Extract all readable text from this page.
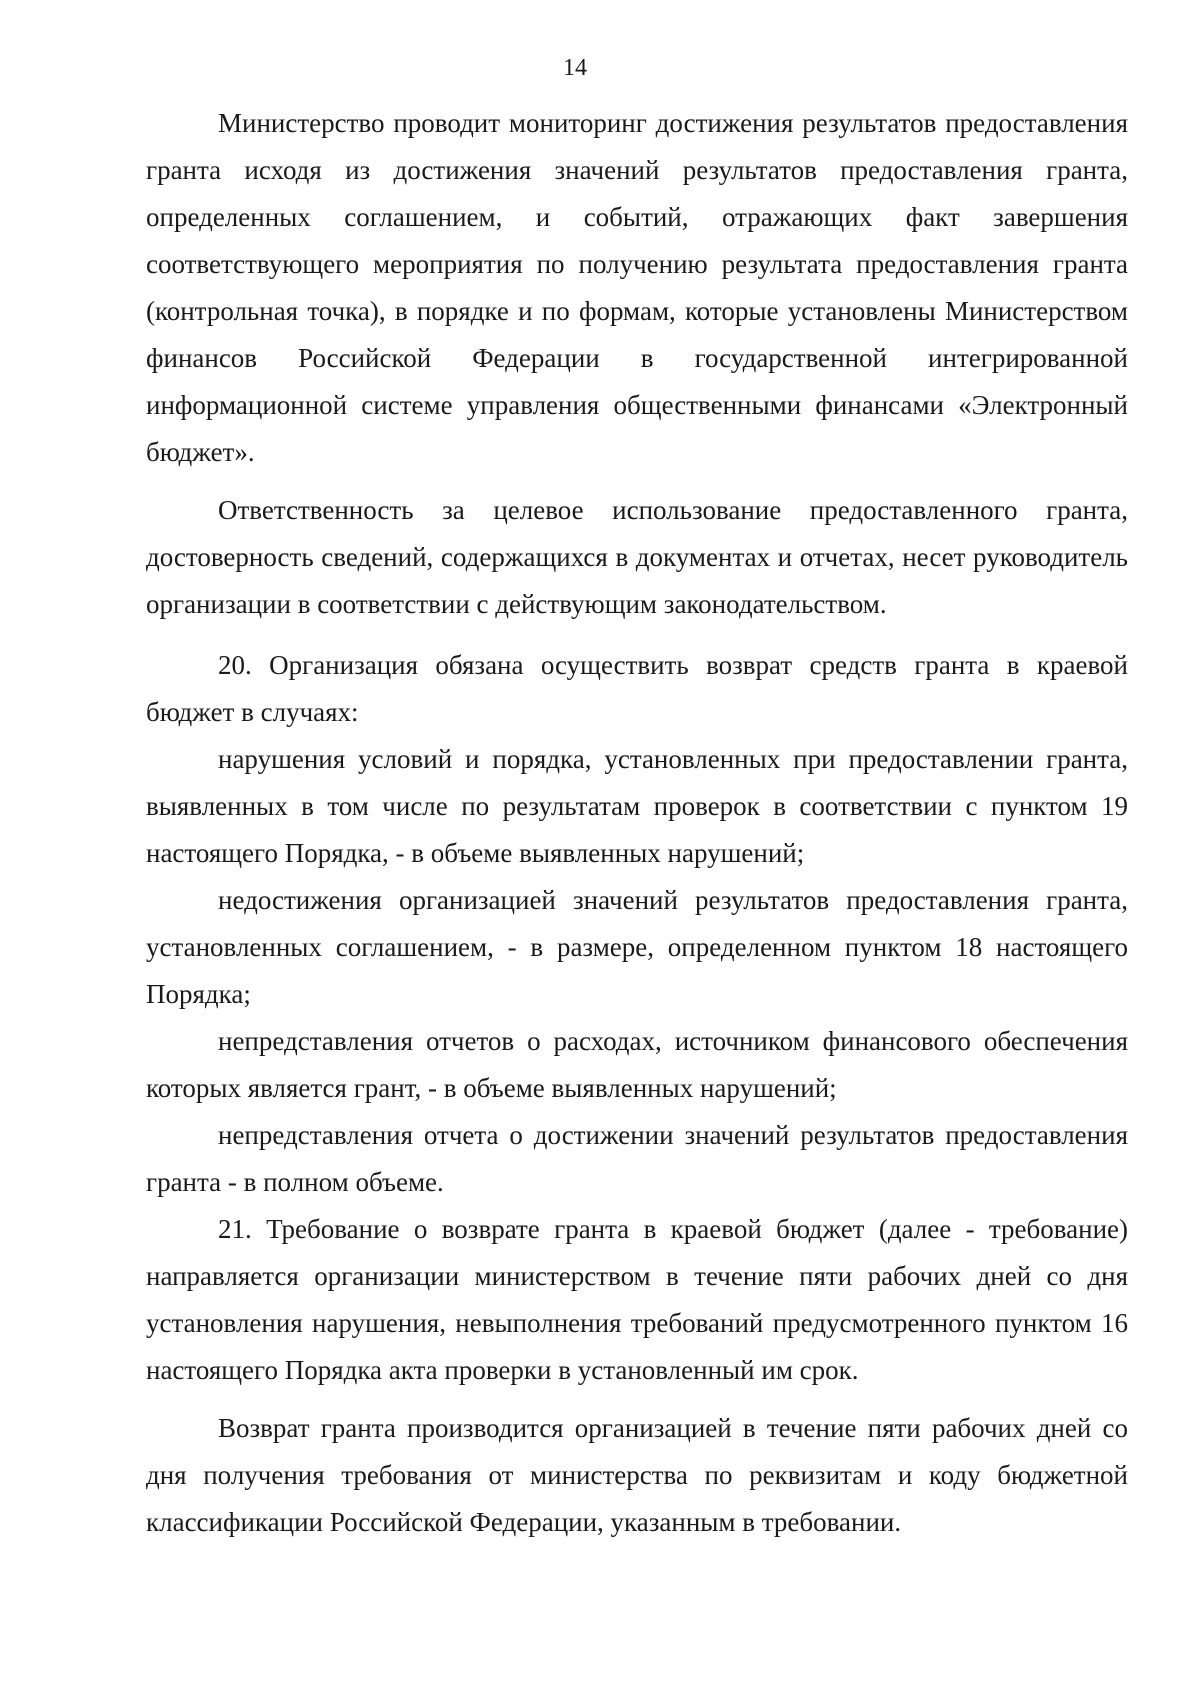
14

Министерство проводит мониторинг достижения результатов предоставления гранта исходя из достижения значений результатов предоставления гранта, определенных соглашением, и событий, отражающих факт завершения соответствующего мероприятия по получению результата предоставления гранта (контрольная точка), в порядке и по формам, которые установлены Министерством финансов Российской Федерации в государственной интегрированной информационной системе управления общественными финансами «Электронный бюджет».

Ответственность за целевое использование предоставленного гранта, достоверность сведений, содержащихся в документах и отчетах, несет руководитель организации в соответствии с действующим законодательством.

20. Организация обязана осуществить возврат средств гранта в краевой бюджет в случаях:

нарушения условий и порядка, установленных при предоставлении гранта, выявленных в том числе по результатам проверок в соответствии с пунктом 19 настоящего Порядка, - в объеме выявленных нарушений;

недостижения организацией значений результатов предоставления гранта, установленных соглашением, - в размере, определенном пунктом 18 настоящего Порядка;

непредставления отчетов о расходах, источником финансового обеспечения которых является грант, - в объеме выявленных нарушений;

непредставления отчета о достижении значений результатов предоставления гранта - в полном объеме.

21. Требование о возврате гранта в краевой бюджет (далее - требование) направляется организации министерством в течение пяти рабочих дней со дня установления нарушения, невыполнения требований предусмотренного пунктом 16 настоящего Порядка акта проверки в установленный им срок.

Возврат гранта производится организацией в течение пяти рабочих дней со дня получения требования от министерства по реквизитам и коду бюджетной классификации Российской Федерации, указанным в требовании.
